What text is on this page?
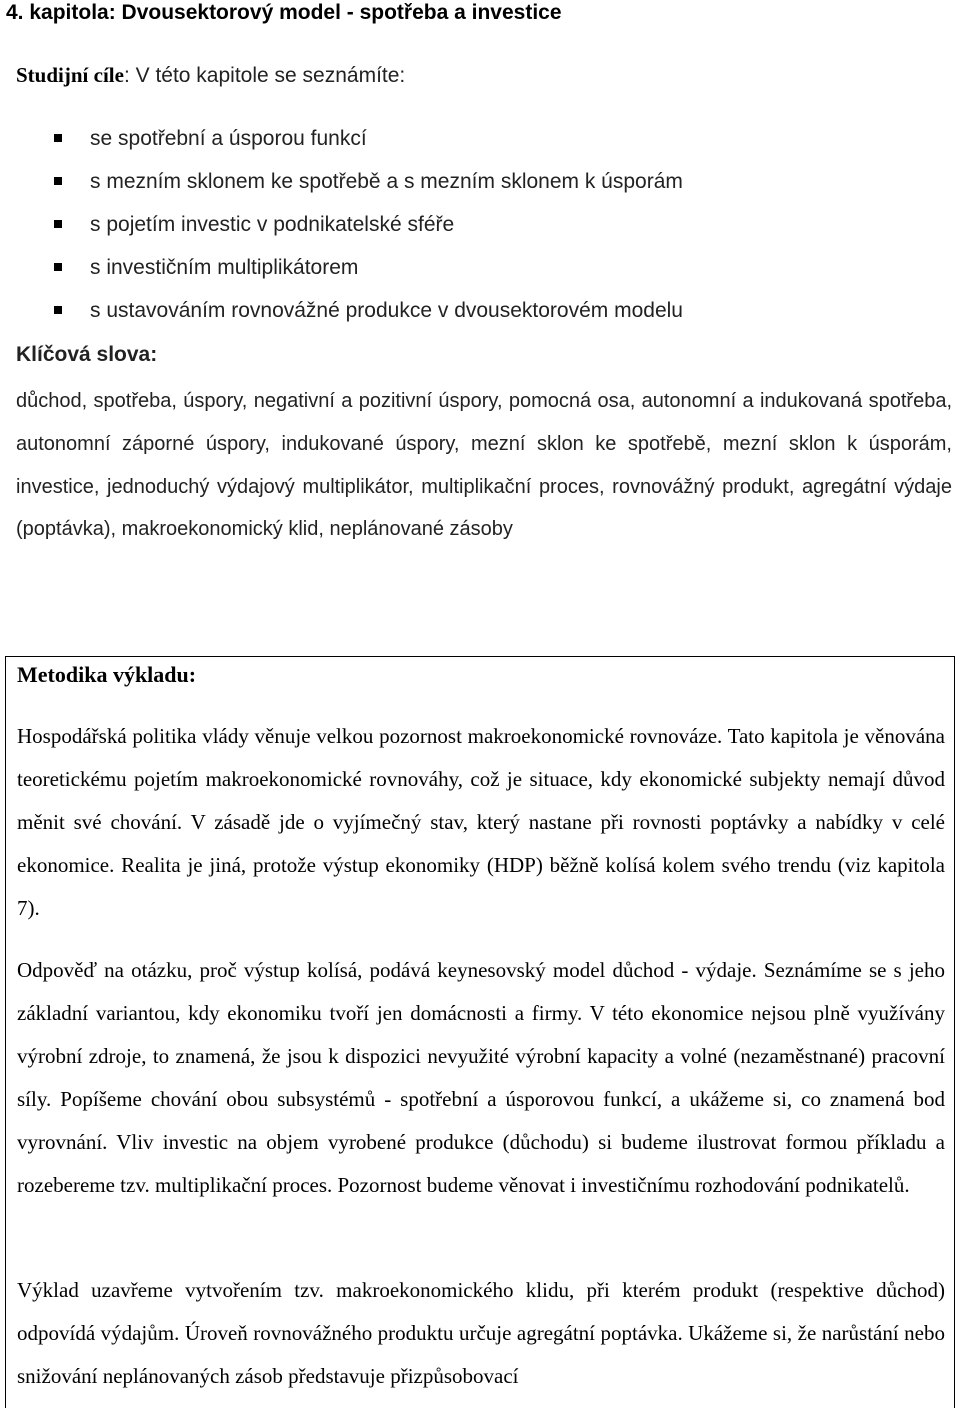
4. kapitola: Dvousektorový model - spotřeba a investice
Studijní cíle: V této kapitole se seznámíte:
se spotřební a úsporou funkcí
s mezním sklonem ke spotřebě a s mezním sklonem k úsporám
s pojetím investic v podnikatelské sféře
s investičním multiplikátorem
s ustavováním rovnovážné produkce v dvousektorovém modelu
Klíčová slova:

důchod, spotřeba, úspory, negativní a pozitivní úspory, pomocná osa, autonomní a indukovaná spotřeba, autonomní záporné úspory, indukované úspory, mezní sklon ke spotřebě, mezní sklon k úsporám, investice, jednoduchý výdajový multiplikátor, multiplikační proces, rovnovážný produkt, agregátní výdaje (poptávka), makroekonomický klid, neplánované zásoby

Metodika výkladu:

Hospodářská politika vlády věnuje velkou pozornost makroekonomické rovnováze. Tato kapitola je věnována teoretickému pojetím makroekonomické rovnováhy, což je situace, kdy ekonomické subjekty nemají důvod měnit své chování. V zásadě jde o vyjímečný stav, který nastane při rovnosti poptávky a nabídky v celé ekonomice. Realita je jiná, protože výstup ekonomiky (HDP) běžně kolísá kolem svého trendu (viz kapitola 7).

Odpověď na otázku, proč výstup kolísá, podává keynesovský model důchod - výdaje. Seznámíme se s jeho základní variantou, kdy ekonomiku tvoří jen domácnosti a firmy. V této ekonomice nejsou plně využívány výrobní zdroje, to znamená, že jsou k dispozici nevyužité výrobní kapacity a volné (nezaměstnané) pracovní síly. Popíšeme chování obou subsystémů - spotřební a úsporovou funkcí, a ukážeme si, co znamená bod vyrovnání. Vliv investic na objem vyrobené produkce (důchodu) si budeme ilustrovat formou příkladu a rozebereme tzv. multiplikační proces. Pozornost budeme věnovat i investičnímu rozhodování podnikatelů.

Výklad uzavřeme vytvořením tzv. makroekonomického klidu, při kterém produkt (respektive důchod) odpovídá výdajům. Úroveň rovnovážného produktu určuje agregátní poptávka. Ukážeme si, že narůstání nebo snižování neplánovaných zásob představuje přizpůsobovací
